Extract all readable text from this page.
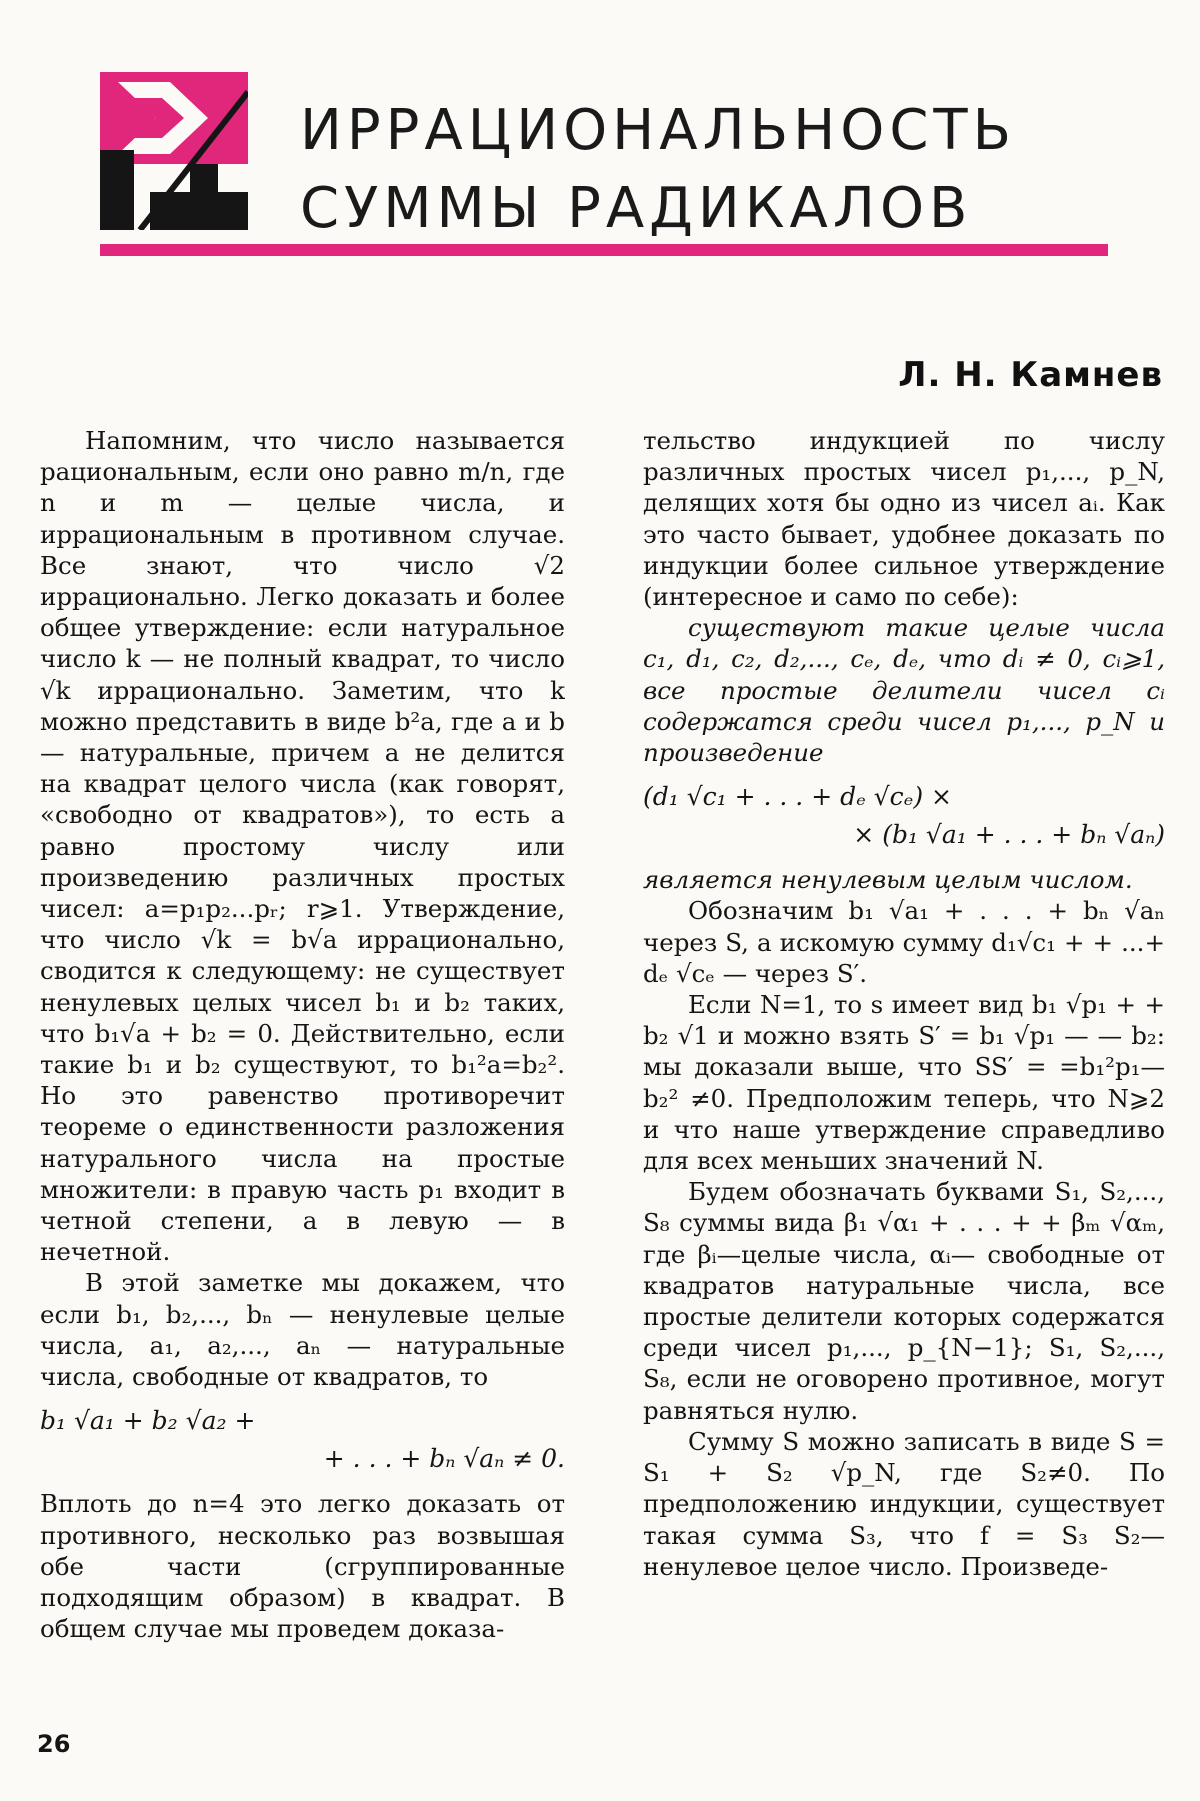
ИРРАЦИОНАЛЬНОСТЬ
СУММЫ РАДИКАЛОВ
Л. Н. Камнев

Напомним, что число называется рациональным, если оно равно m/n, где n и m — целые числа, и иррациональным в противном случае. Все знают, что число √2 иррационально. Легко доказать и более общее утверждение: если натуральное число k — не полный квадрат, то число √k иррационально. Заметим, что k можно представить в виде b²a, где a и b — натуральные, причем a не делится на квадрат целого числа (как говорят, «свободно от квадратов»), то есть a равно простому числу или произведению различных простых чисел: a=p₁p₂...pᵣ; r⩾1. Утверждение, что число √k = b√a иррационально, сводится к следующему: не существует ненулевых целых чисел b₁ и b₂ таких, что b₁√a + b₂ = 0. Действительно, если такие b₁ и b₂ существуют, то b₁²a=b₂². Но это равенство противоречит теореме о единственности разложения натурального числа на простые множители: в правую часть p₁ входит в четной степени, а в левую — в нечетной.

В этой заметке мы докажем, что если b₁, b₂,..., bₙ — ненулевые целые числа, a₁, a₂,..., aₙ — натуральные числа, свободные от квадратов, то

b₁ √a₁ + b₂ √a₂ +
+ . . . + bₙ √aₙ ≠ 0.

Вплоть до n=4 это легко доказать от противного, несколько раз возвышая обе части (сгруппированные подходящим образом) в квадрат. В общем случае мы проведем доказа-

тельство индукцией по числу различных простых чисел p₁,..., p_N, делящих хотя бы одно из чисел aᵢ. Как это часто бывает, удобнее доказать по индукции более сильное утверждение (интересное и само по себе):

существуют такие целые числа c₁, d₁, c₂, d₂,..., cₑ, dₑ, что dᵢ ≠ 0, cᵢ⩾1, все простые делители чисел cᵢ содержатся среди чисел p₁,..., p_N и произведение

(d₁ √c₁ + . . . + dₑ √cₑ) ×
× (b₁ √a₁ + . . . + bₙ √aₙ)

является ненулевым целым числом.

Обозначим b₁ √a₁ + . . . + bₙ √aₙ через S, а искомую сумму d₁√c₁ + + ...+ dₑ √cₑ — через S′.

Если N=1, то s имеет вид b₁ √p₁ + + b₂ √1 и можно взять S′ = b₁ √p₁ — — b₂: мы доказали выше, что SS′ = =b₁²p₁—b₂² ≠0. Предположим теперь, что N⩾2 и что наше утверждение справедливо для всех меньших значений N.

Будем обозначать буквами S₁, S₂,..., S₈ суммы вида β₁ √α₁ + . . . + + βₘ √αₘ, где βᵢ—целые числа, αᵢ— свободные от квадратов натуральные числа, все простые делители которых содержатся среди чисел p₁,..., p_{N−1}; S₁, S₂,..., S₈, если не оговорено противное, могут равняться нулю.

Сумму S можно записать в виде S = S₁ + S₂ √p_N, где S₂≠0. По предположению индукции, существует такая сумма S₃, что f = S₃ S₂— ненулевое целое число. Произведе-

26
